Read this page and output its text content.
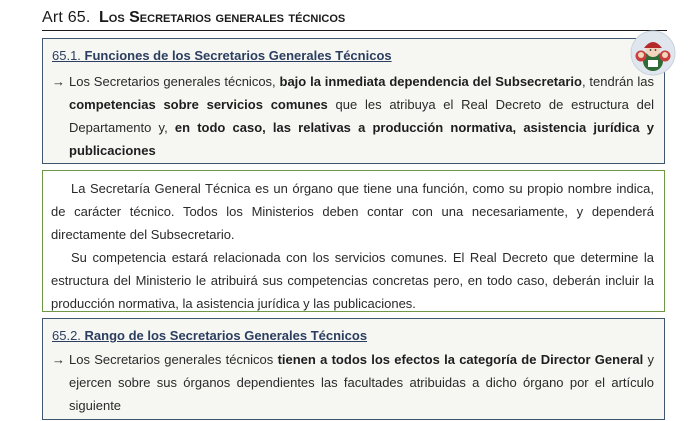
Art 65. Los Secretarios generales técnicos
65.1. Funciones de los Secretarios Generales Técnicos
→ Los Secretarios generales técnicos, bajo la inmediata dependencia del Subsecretario, tendrán las competencias sobre servicios comunes que les atribuya el Real Decreto de estructura del Departamento y, en todo caso, las relativas a producción normativa, asistencia jurídica y publicaciones
La Secretaría General Técnica es un órgano que tiene una función, como su propio nombre indica, de carácter técnico. Todos los Ministerios deben contar con una necesariamente, y dependerá directamente del Subsecretario.
Su competencia estará relacionada con los servicios comunes. El Real Decreto que determine la estructura del Ministerio le atribuirá sus competencias concretas pero, en todo caso, deberán incluir la producción normativa, la asistencia jurídica y las publicaciones.
65.2. Rango de los Secretarios Generales Técnicos
→ Los Secretarios generales técnicos tienen a todos los efectos la categoría de Director General y ejercen sobre sus órganos dependientes las facultades atribuidas a dicho órgano por el artículo siguiente
